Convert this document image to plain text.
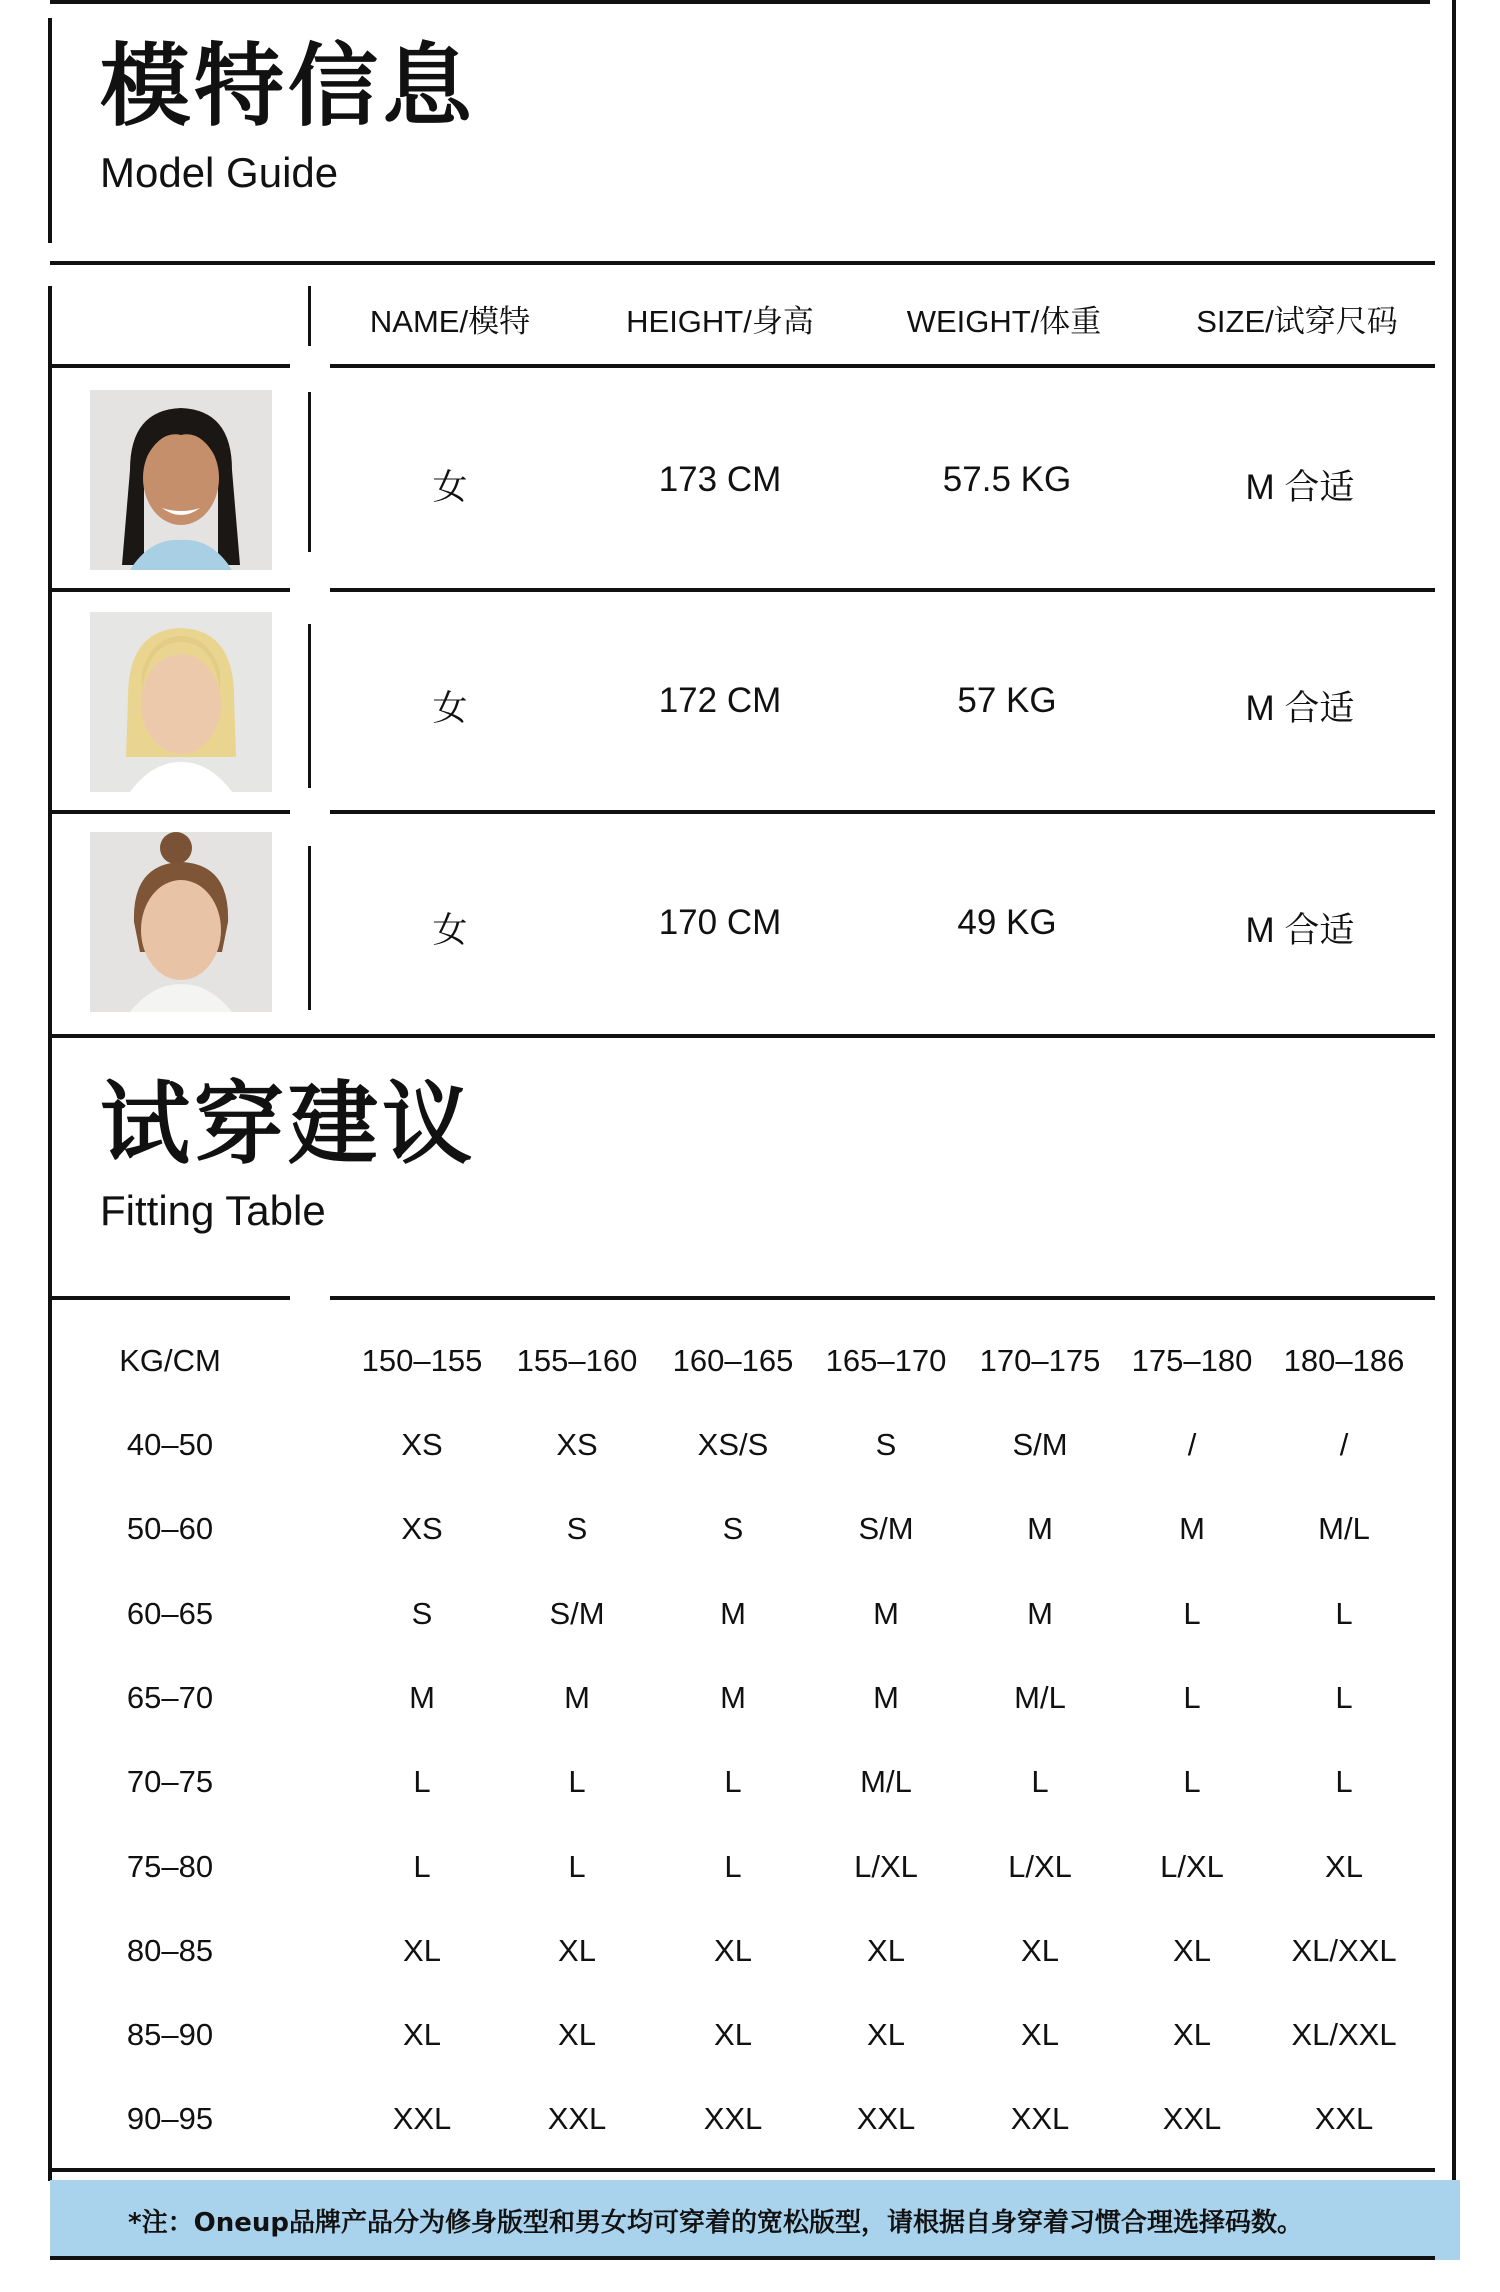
模特信息
Model Guide
NAME/模特	HEIGHT/身高	WEIGHT/体重	SIZE/试穿尺码
女	173 CM	57.5 KG	M 合适
女	172 CM	57 KG	M 合适
女	170 CM	49 KG	M 合适
试穿建议
Fitting Table
KG/CM	150–155 155–160 160–165 165–170 170–175 175–180 180–186
40–50	XS	XS	XS/S	S	S/M	/	/
50–60	XS	S	S	S/M	M	M	M/L
60–65	S	S/M	M	M	M	L	L
65–70	M	M	M	M	M/L	L	L
70–75	L	L	L	M/L	L	L	L
75–80	L	L	L	L/XL	L/XL	L/XL	XL
80–85	XL	XL	XL	XL	XL	XL	XL/XXL
85–90	XL	XL	XL	XL	XL	XL	XL/XXL
90–95	XXL	XXL	XXL	XXL	XXL	XXL	XXL
*注：Oneup品牌产品分为修身版型和男女均可穿着的宽松版型，请根据自身穿着习惯合理选择码数。
